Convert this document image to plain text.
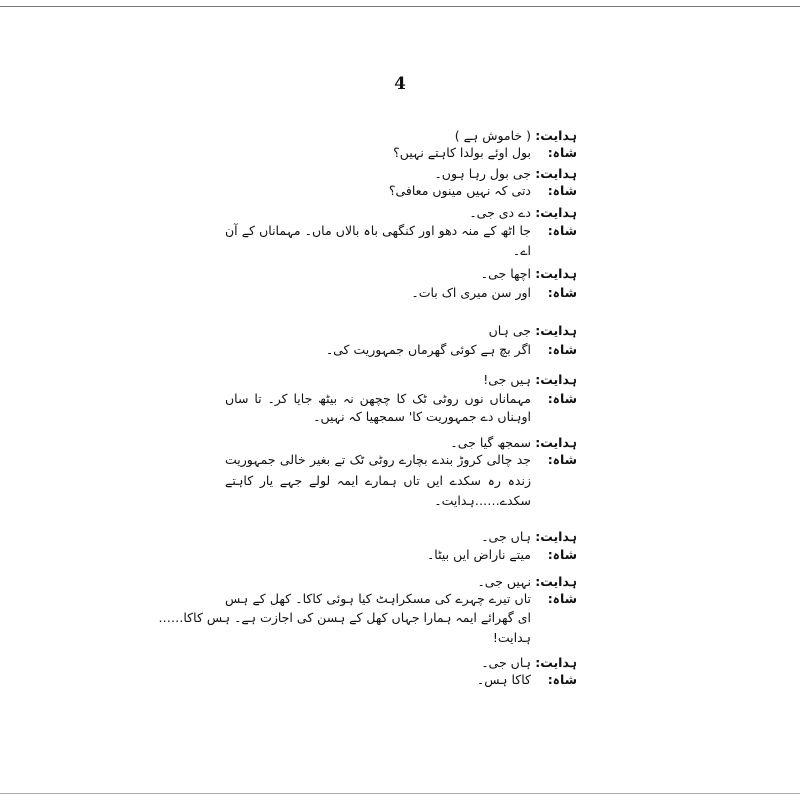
4
ہدایت:
( خاموش ہے )
شاہ:
بول اوئے بولدا کاہتے نہیں؟
ہدایت:
جی بول رہا ہوں۔
شاہ:
دتی کہ نہیں مینوں معافی؟
ہدایت:
دے دی جی۔
شاہ:
جا اٹھ کے منہ دھو اور کنگھی باہ بالاں ماں۔ مہماناں کے آن
اے۔
ہدایت:
اچھا جی۔
شاہ:
اور سن میری اک بات۔
ہدایت:
جی ہاں
شاہ:
اگر بچ ہے کوئی گھرماں جمہوریت کی۔
ہدایت:
ہیں جی!
شاہ:
مہماناں نوں روٹی ٹک کا چچھن نہ بیٹھ جایا کر۔ تا ساں
اوہناں دے جمہوریت کا' سمجھیا کہ نہیں۔
ہدایت:
سمجھ گیا جی۔
شاہ:
جد چالی کروڑ بندے بچارے روٹی ٹک تے بغیر خالی جمہوریت
زندہ رہ سکدے ایں تاں ہمارے ایمہ لولے جہے یار کاہتے
سکدے……ہدایت۔
ہدایت:
ہاں جی۔
شاہ:
میتے ناراض ایں بیٹا۔
ہدایت:
نہیں جی۔
شاہ:
تاں تیرے چہرے کی مسکراہٹ کیا ہوئی کاکا۔ کھل کے ہس
ای گھرائے ایمہ ہمارا جہاں کھل کے ہسن کی اجازت ہے۔ ہس کاکا……
ہدایت!
ہدایت:
ہاں جی۔
شاہ:
کاکا ہس۔
